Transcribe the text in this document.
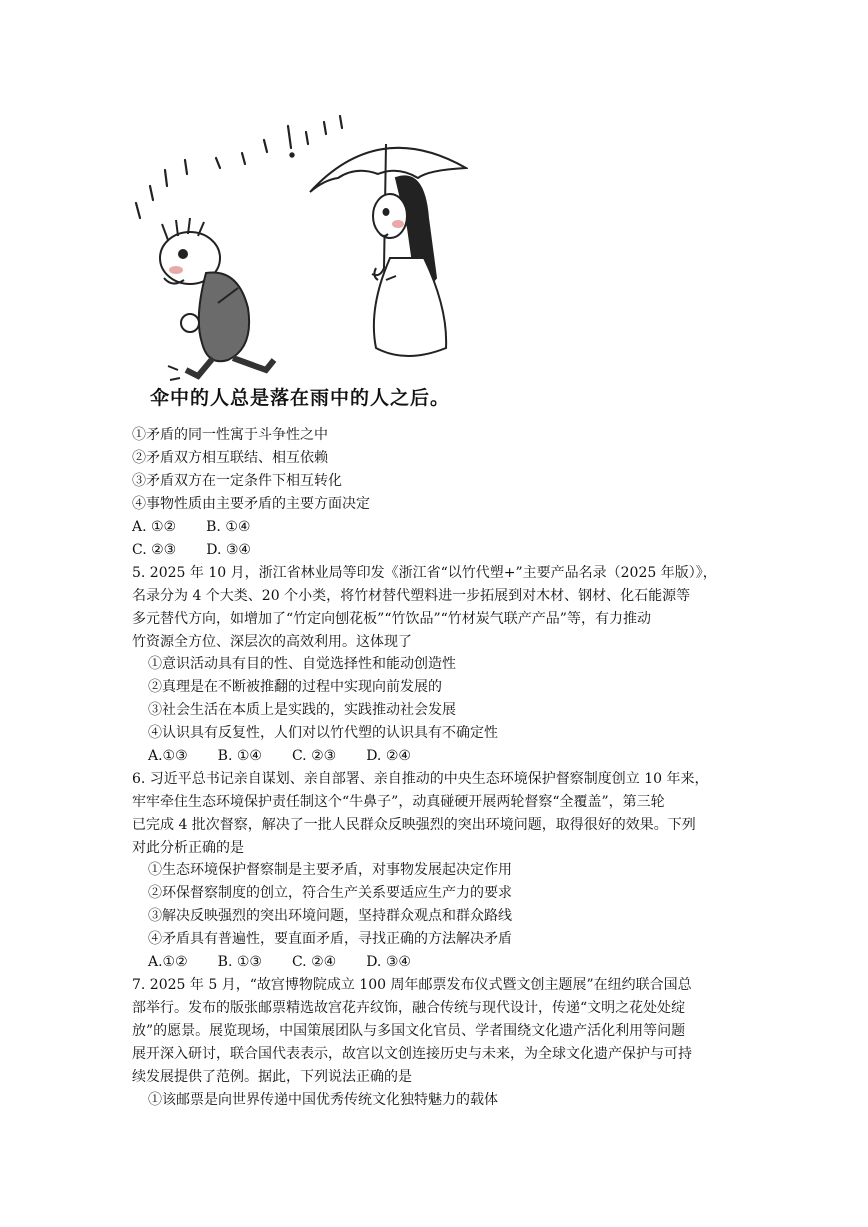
伞中的人总是落在雨中的人之后。
①矛盾的同一性寓于斗争性之中
②矛盾双方相互联结、相互依赖
③矛盾双方在一定条件下相互转化
④事物性质由主要矛盾的主要方面决定
A. ①② B. ①④
C. ②③ D. ③④
5. 2025 年 10 月，浙江省林业局等印发《浙江省“以竹代塑+”主要产品名录（2025 年版）》，
名录分为 4 个大类、20 个小类，将竹材替代塑料进一步拓展到对木材、钢材、化石能源等
多元替代方向，如增加了“竹定向刨花板”“竹饮品”“竹材炭气联产产品”等，有力推动
竹资源全方位、深层次的高效利用。这体现了
①意识活动具有目的性、自觉选择性和能动创造性
②真理是在不断被推翻的过程中实现向前发展的
③社会生活在本质上是实践的，实践推动社会发展
④认识具有反复性，人们对以竹代塑的认识具有不确定性
A.①③ B. ①④ C. ②③ D. ②④
6. 习近平总书记亲自谋划、亲自部署、亲自推动的中央生态环境保护督察制度创立 10 年来，
牢牢牵住生态环境保护责任制这个“牛鼻子”，动真碰硬开展两轮督察“全覆盖”，第三轮
已完成 4 批次督察，解决了一批人民群众反映强烈的突出环境问题，取得很好的效果。下列
对此分析正确的是
①生态环境保护督察制是主要矛盾，对事物发展起决定作用
②环保督察制度的创立，符合生产关系要适应生产力的要求
③解决反映强烈的突出环境问题，坚持群众观点和群众路线
④矛盾具有普遍性，要直面矛盾，寻找正确的方法解决矛盾
A.①② B. ①③ C. ②④ D. ③④
7. 2025 年 5 月，“故宫博物院成立 100 周年邮票发布仪式暨文创主题展”在纽约联合国总
部举行。发布的版张邮票精选故宫花卉纹饰，融合传统与现代设计，传递“文明之花处处绽
放”的愿景。展览现场，中国策展团队与多国文化官员、学者围绕文化遗产活化利用等问题
展开深入研讨，联合国代表表示，故宫以文创连接历史与未来，为全球文化遗产保护与可持
续发展提供了范例。据此，下列说法正确的是
①该邮票是向世界传递中国优秀传统文化独特魅力的载体
